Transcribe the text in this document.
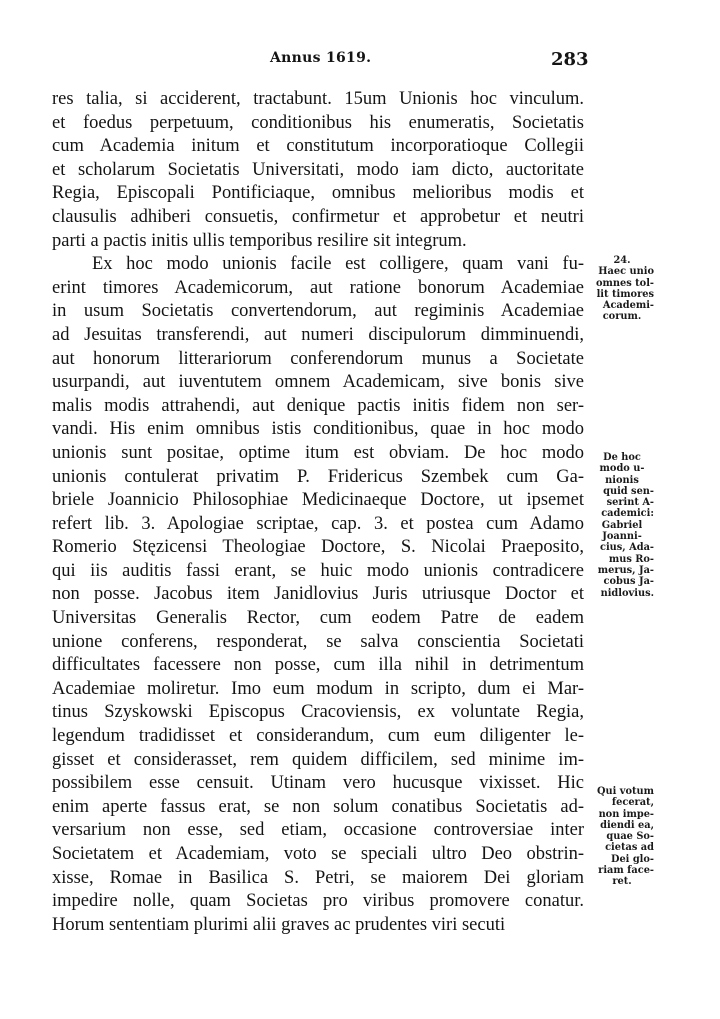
Annus 1619.	283
res talia, si acciderent, tractabunt. 15um Unionis hoc vinculum.
et foedus perpetuum, conditionibus his enumeratis, Societatis
cum Academia initum et constitutum incorporatioque Collegii
et scholarum Societatis Universitati, modo iam dicto, auctoritate
Regia, Episcopali Pontificiaque, omnibus melioribus modis et
clausulis adhiberi consuetis, confirmetur et approbetur et neutri
parti a pactis initis ullis temporibus resilire sit integrum.
Ex hoc modo unionis facile est colligere, quam vani fu-
erint timores Academicorum, aut ratione bonorum Academiae
in usum Societatis convertendorum, aut regiminis Academiae
ad Jesuitas transferendi, aut numeri discipulorum dimminuendi,
aut honorum litterariorum conferendorum munus a Societate
usurpandi, aut iuventutem omnem Academicam, sive bonis sive
malis modis attrahendi, aut denique pactis initis fidem non ser-
vandi. His enim omnibus istis conditionibus, quae in hoc modo
unionis sunt positae, optime itum est obviam. De hoc modo
unionis contulerat privatim P. Fridericus Szembek cum Ga-
briele Joannicio Philosophiae Medicinaeque Doctore, ut ipsemet
refert lib. 3. Apologiae scriptae, cap. 3. et postea cum Adamo
Romerio Stęzicensi Theologiae Doctore, S. Nicolai Praeposito,
qui iis auditis fassi erant, se huic modo unionis contradicere
non posse. Jacobus item Janidlovius Juris utriusque Doctor et
Universitas Generalis Rector, cum eodem Patre de eadem
unione conferens, responderat, se salva conscientia Societati
difficultates facessere non posse, cum illa nihil in detrimentum
Academiae moliretur. Imo eum modum in scripto, dum ei Mar-
tinus Szyskowski Episcopus Cracoviensis, ex voluntate Regia,
legendum tradidisset et considerandum, cum eum diligenter le-
gisset et considerasset, rem quidem difficilem, sed minime im-
possibilem esse censuit. Utinam vero hucusque vixisset. Hic
enim aperte fassus erat, se non solum conatibus Societatis ad-
versarium non esse, sed etiam, occasione controversiae inter
Societatem et Academiam, voto se speciali ultro Deo obstrin-
xisse, Romae in Basilica S. Petri, se maiorem Dei gloriam
impedire nolle, quam Societas pro viribus promovere conatur.
Horum sententiam plurimi alii graves ac prudentes viri secuti
24.
Haec unio
omnes tol-
lit timores
Academi-
corum.
De hoc
modo u-
nionis
quid sen-
serint A-
cademici:
Gabriel
Joanni-
cius, Ada-
mus Ro-
merus, Ja-
cobus Ja-
nidlovius.
Qui votum
fecerat,
non impe-
diendi ea,
quae So-
cietas ad
Dei glo-
riam face-
ret.
